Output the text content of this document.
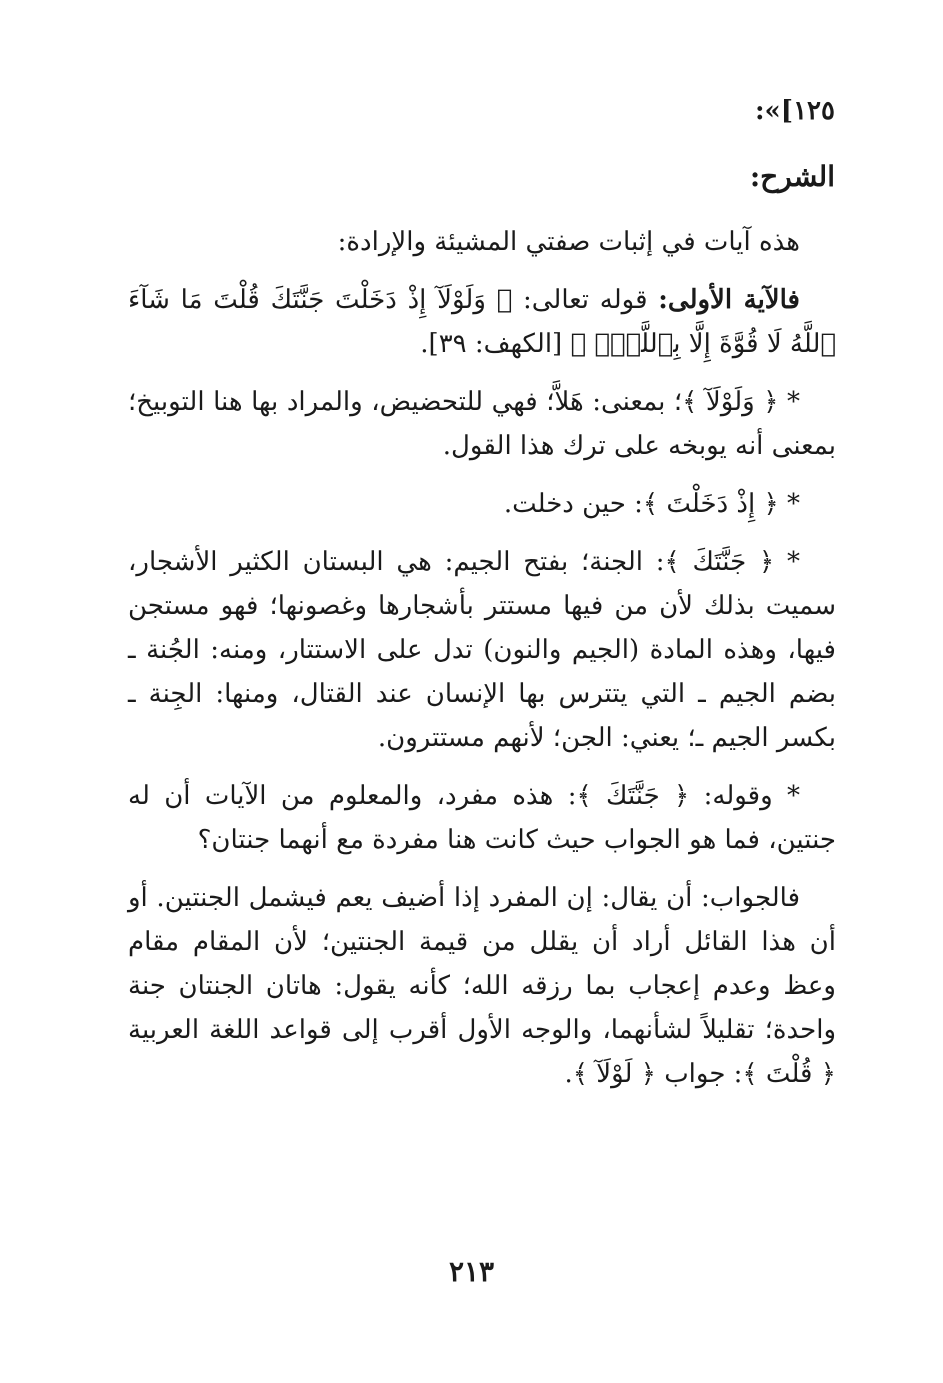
١٢٥]»:
الشرح:

هذه آيات في إثبات صفتي المشيئة والإرادة:

فالآية الأولى: قوله تعالى: ﴿ وَلَوْلَآ إِذْ دَخَلْتَ جَنَّتَكَ قُلْتَ مَا شَآءَ ٱللَّهُ لَا قُوَّةَ إِلَّا بِٱللَّهِۚ ﴾ [الكهف: ٣٩].

* ﴿ وَلَوْلَآ ﴾؛ بمعنى: هَلاَّ؛ فهي للتحضيض، والمراد بها هنا التوبيخ؛ بمعنى أنه يوبخه على ترك هذا القول.

* ﴿ إِذْ دَخَلْتَ ﴾: حين دخلت.

* ﴿ جَنَّتَكَ ﴾: الجنة؛ بفتح الجيم: هي البستان الكثير الأشجار، سميت بذلك لأن من فيها مستتر بأشجارها وغصونها؛ فهو مستجن فيها، وهذه المادة (الجيم والنون) تدل على الاستتار، ومنه: الجُنة ـ بضم الجيم ـ التي يتترس بها الإنسان عند القتال، ومنها: الجِنة ـ بكسر الجيم ـ؛ يعني: الجن؛ لأنهم مستترون.

* وقوله: ﴿ جَنَّتَكَ ﴾: هذه مفرد، والمعلوم من الآيات أن له جنتين، فما هو الجواب حيث كانت هنا مفردة مع أنهما جنتان؟

فالجواب: أن يقال: إن المفرد إذا أضيف يعم فيشمل الجنتين. أو أن هذا القائل أراد أن يقلل من قيمة الجنتين؛ لأن المقام مقام وعظ وعدم إعجاب بما رزقه الله؛ كأنه يقول: هاتان الجنتان جنة واحدة؛ تقليلاً لشأنهما، والوجه الأول أقرب إلى قواعد اللغة العربية ﴿ قُلْتَ ﴾: جواب ﴿ لَوْلَآ ﴾.

٢١٣
